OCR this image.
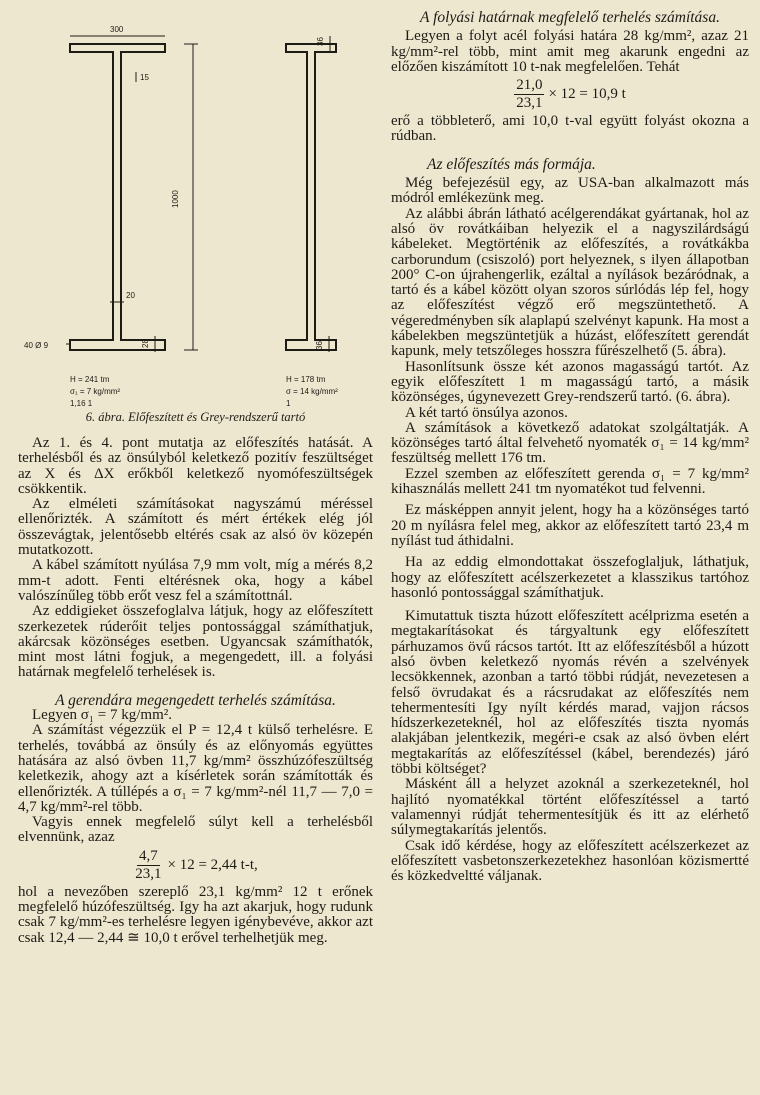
300
1000
20
15
28
36
36
40 Ø 9
H = 241 tm
σ₁ = 7 kg/mm²
1,16 1
H = 178 tm
σ = 14 kg/mm²
1
6. ábra. Előfeszített és Grey-rendszerű tartó

Az 1. és 4. pont mutatja az előfeszítés hatását. A terhelésből és az önsúlyból keletkező pozitív feszültséget az X és ΔX erőkből keletkező nyomófeszültségek csökkentik.

Az elméleti számításokat nagyszámú méréssel ellenőrizték. A számított és mért értékek elég jól összevágtak, jelentősebb eltérés csak az alsó öv közepén mutatkozott.

A kábel számított nyúlása 7,9 mm volt, míg a mérés 8,2 mm-t adott. Fenti eltérésnek oka, hogy a kábel valószínűleg több erőt vesz fel a számítottnál.

Az eddigieket összefoglalva látjuk, hogy az előfeszített szerkezetek rúderőit teljes pontossággal számíthatjuk, akárcsak közönséges esetben. Ugyancsak számíthatók, mint most látni fogjuk, a megengedett, ill. a folyási határnak megfelelő terhelések is.

A gerendára megengedett terhelés számítása.

Legyen σ₁ = 7 kg/mm².

A számítást végezzük el P = 12,4 t külső terhelésre. E terhelés, továbbá az önsúly és az előnyomás együttes hatására az alsó övben 11,7 kg/mm² összhúzófeszültség keletkezik, ahogy azt a kísérletek során számították és ellenőrizték. A túllépés a σ₁ = 7 kg/mm²-nél 11,7 — 7,0 = 4,7 kg/mm²-rel több.

Vagyis ennek megfelelő súlyt kell a terhelésből elvennünk, azaz

$\frac{4,7}{23,1} \times 12 = 2,44$ t-t,

hol a nevezőben szereplő 23,1 kg/mm² 12 t erőnek megfelelő húzófeszültség. Igy ha azt akarjuk, hogy rudunk csak 7 kg/mm²-es terhelésre legyen igénybevéve, akkor azt csak 12,4 — 2,44 ≅ 10,0 t erővel terhelhetjük meg.

A folyási határnak megfelelő terhelés számítása.

Legyen a folyt acél folyási határa 28 kg/mm², azaz 21 kg/mm²-rel több, mint amit meg akarunk engedni az előzően kiszámított 10 t-nak megfelelően. Tehát

$\frac{21,0}{23,1} \times 12 = 10,9$ t

erő a többleterő, ami 10,0 t-val együtt folyást okozna a rúdban.

Az előfeszítés más formája.

Még befejezésül egy, az USA-ban alkalmazott más módról emlékezünk meg.

Az alábbi ábrán látható acélgerendákat gyártanak, hol az alsó öv rovátkáiban helyezik el a nagyszilárdságú kábeleket. Megtörténik az előfeszítés, a rovátkákba carborundum (csiszoló) port helyeznek, s ilyen állapotban 200° C-on újrahengerlik, ezáltal a nyílások bezáródnak, a tartó és a kábel között olyan szoros súrlódás lép fel, hogy az előfeszítést végző erő megszüntethető. A végeredményben sík alaplapú szelvényt kapunk. Ha most a kábelekben megszüntetjük a húzást, előfeszített gerendát kapunk, mely tetszőleges hosszra fűrészelhető (5. ábra).

Hasonlítsunk össze két azonos magasságú tartót. Az egyik előfeszített 1 m magasságú tartó, a másik közönséges, úgynevezett Grey-rendszerű tartó. (6. ábra).

A két tartó önsúlya azonos.

A számítások a következő adatokat szolgáltatják. A közönséges tartó által felvehető nyomaték σ₁ = 14 kg/mm² feszültség mellett 176 tm.

Ezzel szemben az előfeszített gerenda σ₁ = 7 kg/mm² kihasználás mellett 241 tm nyomatékot tud felvenni.

Ez másképpen annyit jelent, hogy ha a közönséges tartó 20 m nyílásra felel meg, akkor az előfeszített tartó 23,4 m nyílást tud áthidalni.

Ha az eddig elmondottakat összefoglaljuk, láthatjuk, hogy az előfeszített acélszerkezetet a klasszikus tartóhoz hasonló pontossággal számíthatjuk.

Kimutattuk tiszta húzott előfeszített acélprizma esetén a megtakarításokat és tárgyaltunk egy előfeszített párhuzamos övű rácsos tartót. Itt az előfeszítésből a húzott alsó övben keletkező nyomás révén a szelvények lecsökkennek, azonban a tartó többi rúdját, nevezetesen a felső övrudakat és a rácsrudakat az előfeszítés nem tehermentesíti Igy nyílt kérdés marad, vajjon rácsos hídszerkezeteknél, hol az előfeszítés tiszta nyomás alakjában jelentkezik, megéri-e csak az alsó övben elért megtakarítás az előfeszítéssel (kábel, berendezés) járó többi költséget?

Másként áll a helyzet azoknál a szerkezeteknél, hol hajlító nyomatékkal történt előfeszítéssel a tartó valamennyi rúdját tehermentesítjük és itt az elérhető súlymegtakarítás jelentős.

Csak idő kérdése, hogy az előfeszített acélszerkezet az előfeszített vasbetonszerkezetekhez hasonlóan közismertté és közkedveltté váljanak.
